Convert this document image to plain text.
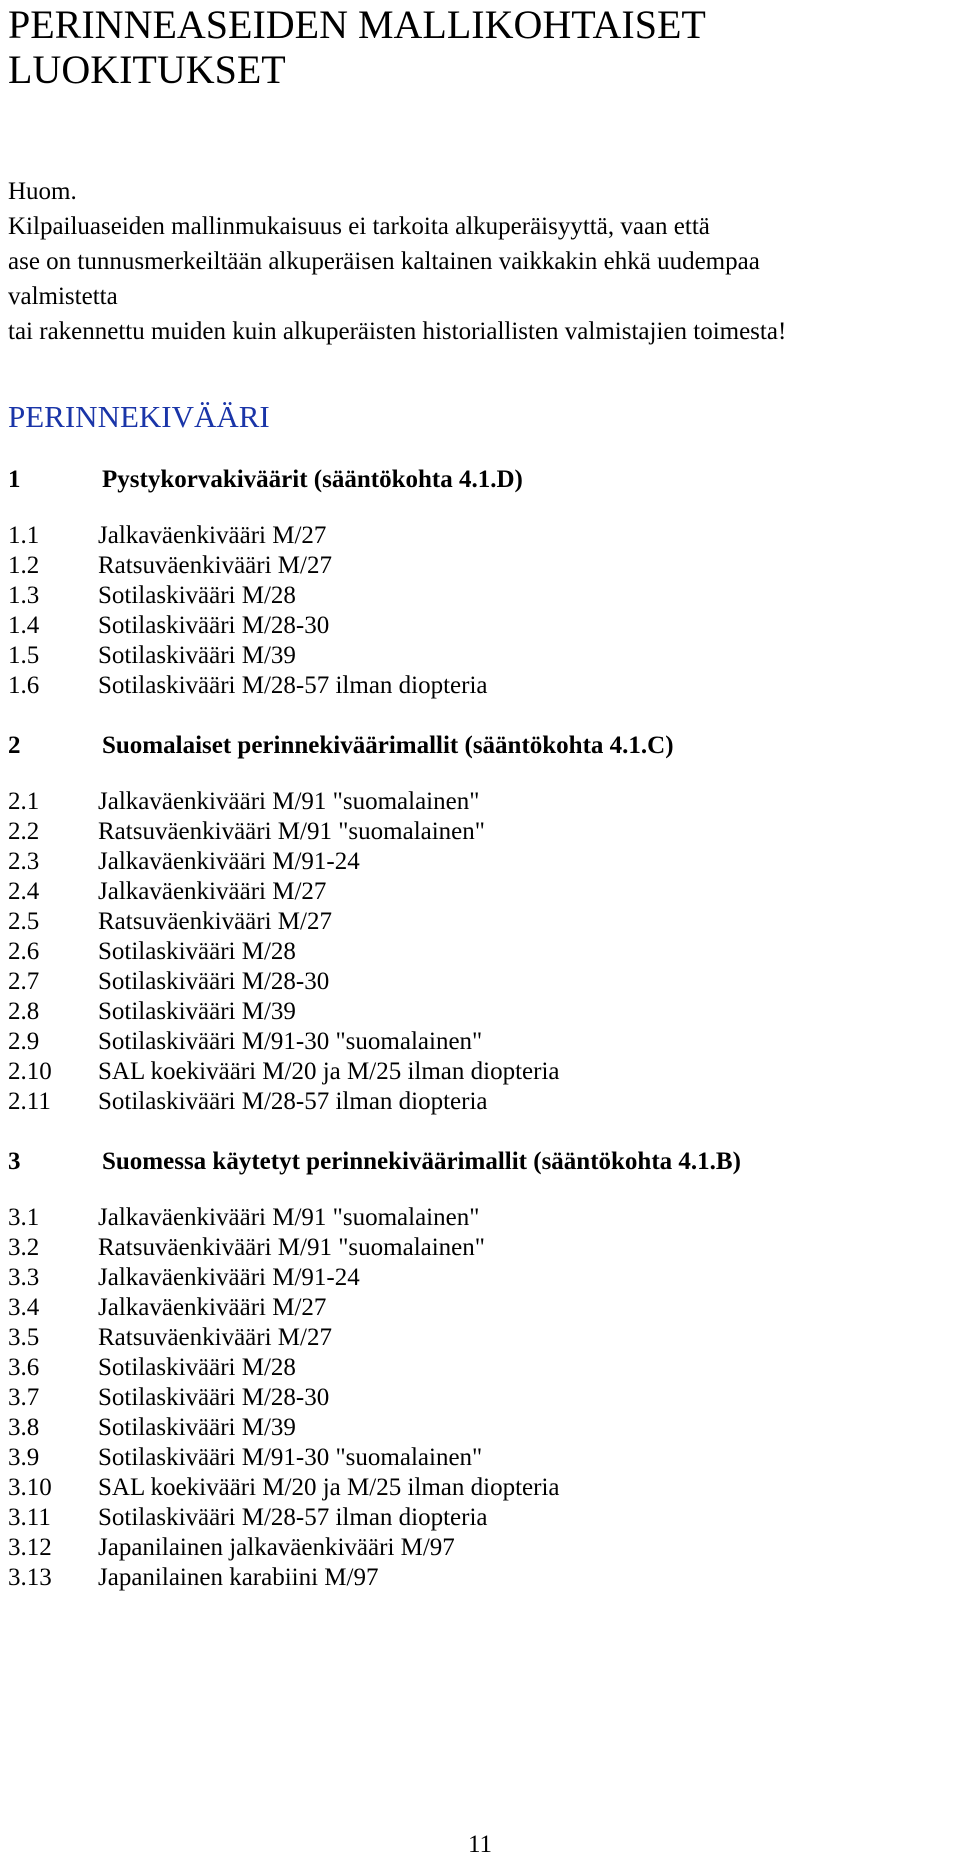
PERINNEASEIDEN MALLIKOHTAISET
LUOKITUKSET

Huom.

Kilpailuaseiden mallinmukaisuus ei tarkoita alkuperäisyyttä, vaan että

ase on tunnusmerkeiltään alkuperäisen kaltainen vaikkakin ehkä uudempaa

valmistetta

tai rakennettu muiden kuin alkuperäisten historiallisten valmistajien toimesta!

PERINNEKIVÄÄRI
1	Pystykorvakiväärit (sääntökohta 4.1.D)
1.1	Jalkaväenkivääri M/27
1.2	Ratsuväenkivääri M/27
1.3	Sotilaskivääri M/28
1.4	Sotilaskivääri M/28-30
1.5	Sotilaskivääri M/39
1.6	Sotilaskivääri M/28-57 ilman diopteria
2	Suomalaiset perinnekiväärimallit (sääntökohta 4.1.C)
2.1	Jalkaväenkivääri M/91 "suomalainen"
2.2	Ratsuväenkivääri M/91 "suomalainen"
2.3	Jalkaväenkivääri M/91-24
2.4	Jalkaväenkivääri M/27
2.5	Ratsuväenkivääri M/27
2.6	Sotilaskivääri M/28
2.7	Sotilaskivääri M/28-30
2.8	Sotilaskivääri M/39
2.9	Sotilaskivääri M/91-30 "suomalainen"
2.10	SAL koekivääri M/20 ja M/25 ilman diopteria
2.11	Sotilaskivääri M/28-57 ilman diopteria
3	Suomessa käytetyt perinnekiväärimallit (sääntökohta 4.1.B)
3.1	Jalkaväenkivääri M/91 "suomalainen"
3.2	Ratsuväenkivääri M/91 "suomalainen"
3.3	Jalkaväenkivääri M/91-24
3.4	Jalkaväenkivääri M/27
3.5	Ratsuväenkivääri M/27
3.6	Sotilaskivääri M/28
3.7	Sotilaskivääri M/28-30
3.8	Sotilaskivääri M/39
3.9	Sotilaskivääri M/91-30 "suomalainen"
3.10	SAL koekivääri M/20 ja M/25 ilman diopteria
3.11	Sotilaskivääri M/28-57 ilman diopteria
3.12	Japanilainen jalkaväenkivääri M/97
3.13	Japanilainen karabiini M/97
11
